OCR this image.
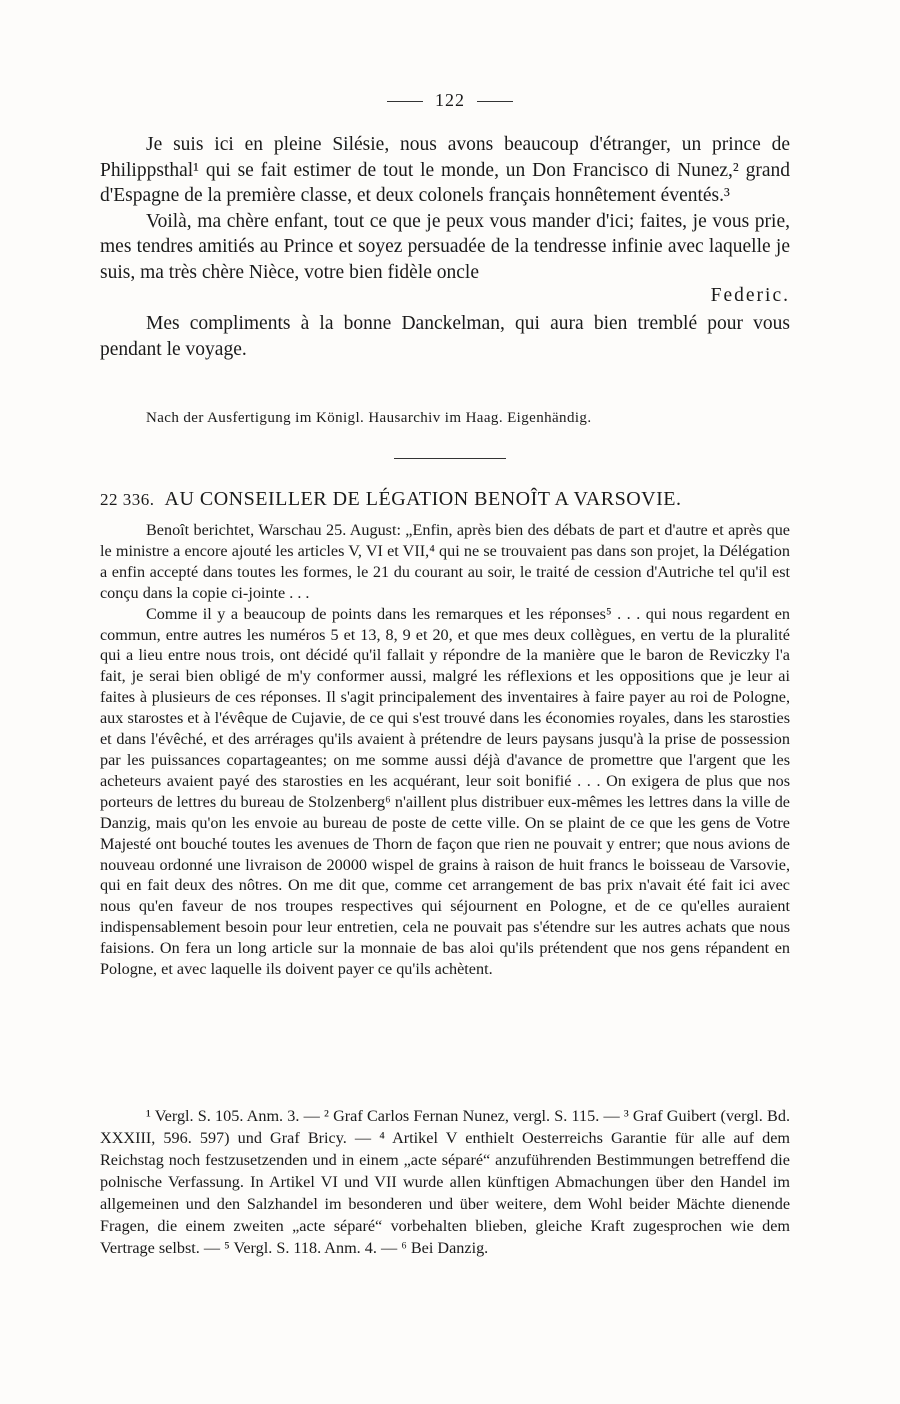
122

Je suis ici en pleine Silésie, nous avons beaucoup d'étranger, un prince de Philippsthal¹ qui se fait estimer de tout le monde, un Don Francisco di Nunez,² grand d'Espagne de la première classe, et deux colonels français honnêtement éventés.³

Voilà, ma chère enfant, tout ce que je peux vous mander d'ici; faites, je vous prie, mes tendres amitiés au Prince et soyez persuadée de la tendresse infinie avec laquelle je suis, ma très chère Nièce, votre bien fidèle oncle

Federic.

Mes compliments à la bonne Danckelman, qui aura bien tremblé pour vous pendant le voyage.

Nach der Ausfertigung im Königl. Hausarchiv im Haag. Eigenhändig.
22 336. AU CONSEILLER DE LÉGATION BENOÎT A VARSOVIE.

Benoît berichtet, Warschau 25. August: „Enfin, après bien des débats de part et d'autre et après que le ministre a encore ajouté les articles V, VI et VII,⁴ qui ne se trouvaient pas dans son projet, la Délégation a enfin accepté dans toutes les formes, le 21 du courant au soir, le traité de cession d'Autriche tel qu'il est conçu dans la copie ci-jointe . . .

Comme il y a beaucoup de points dans les remarques et les réponses⁵ . . . qui nous regardent en commun, entre autres les numéros 5 et 13, 8, 9 et 20, et que mes deux collègues, en vertu de la pluralité qui a lieu entre nous trois, ont décidé qu'il fallait y répondre de la manière que le baron de Reviczky l'a fait, je serai bien obligé de m'y conformer aussi, malgré les réflexions et les oppositions que je leur ai faites à plusieurs de ces réponses. Il s'agit principalement des inventaires à faire payer au roi de Pologne, aux starostes et à l'évêque de Cujavie, de ce qui s'est trouvé dans les économies royales, dans les starosties et dans l'évêché, et des arrérages qu'ils avaient à prétendre de leurs paysans jusqu'à la prise de possession par les puissances copartageantes; on me somme aussi déjà d'avance de promettre que l'argent que les acheteurs avaient payé des starosties en les acquérant, leur soit bonifié . . . On exigera de plus que nos porteurs de lettres du bureau de Stolzenberg⁶ n'aillent plus distribuer eux-mêmes les lettres dans la ville de Danzig, mais qu'on les envoie au bureau de poste de cette ville. On se plaint de ce que les gens de Votre Majesté ont bouché toutes les avenues de Thorn de façon que rien ne pouvait y entrer; que nous avions de nouveau ordonné une livraison de 20000 wispel de grains à raison de huit francs le boisseau de Varsovie, qui en fait deux des nôtres. On me dit que, comme cet arrangement de bas prix n'avait été fait ici avec nous qu'en faveur de nos troupes respectives qui séjournent en Pologne, et de ce qu'elles auraient indispensablement besoin pour leur entretien, cela ne pouvait pas s'étendre sur les autres achats que nous faisions. On fera un long article sur la monnaie de bas aloi qu'ils prétendent que nos gens répandent en Pologne, et avec laquelle ils doivent payer ce qu'ils achètent.

¹ Vergl. S. 105. Anm. 3. — ² Graf Carlos Fernan Nunez, vergl. S. 115. — ³ Graf Guibert (vergl. Bd. XXXIII, 596. 597) und Graf Bricy. — ⁴ Artikel V enthielt Oesterreichs Garantie für alle auf dem Reichstag noch festzusetzenden und in einem „acte séparé“ anzuführenden Bestimmungen betreffend die polnische Verfassung. In Artikel VI und VII wurde allen künftigen Abmachungen über den Handel im allgemeinen und den Salzhandel im besonderen und über weitere, dem Wohl beider Mächte dienende Fragen, die einem zweiten „acte séparé“ vorbehalten blieben, gleiche Kraft zugesprochen wie dem Vertrage selbst. — ⁵ Vergl. S. 118. Anm. 4. — ⁶ Bei Danzig.
